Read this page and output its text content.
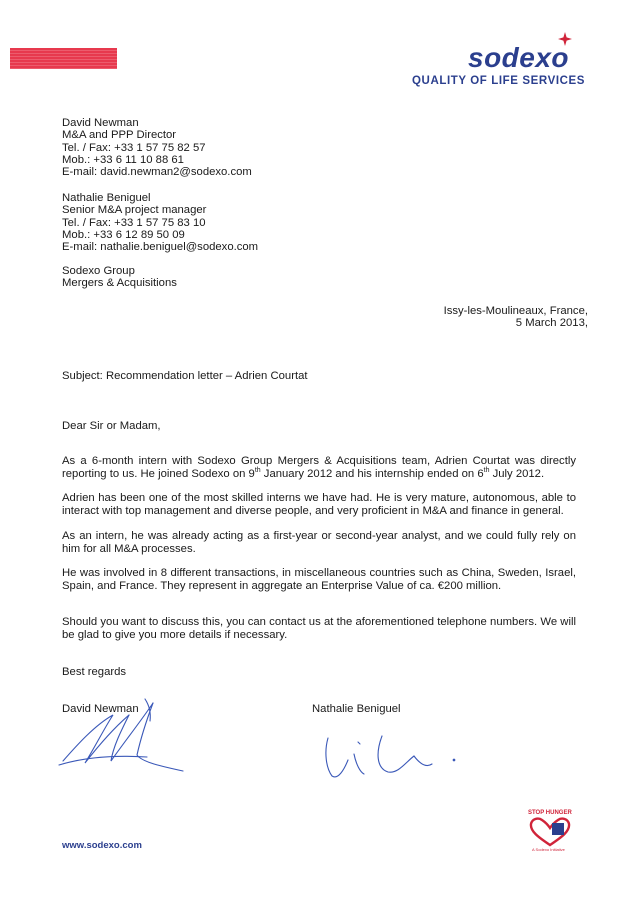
sodexo
QUALITY OF LIFE SERVICES
David Newman
M&A and PPP Director
Tel. / Fax: +33 1 57 75 82 57
Mob.: +33 6 11 10 88 61
E-mail: david.newman2@sodexo.com
Nathalie Beniguel
Senior M&A project manager
Tel. / Fax: +33 1 57 75 83 10
Mob.: +33 6 12 89 50 09
E-mail: nathalie.beniguel@sodexo.com
Sodexo Group
Mergers & Acquisitions
Issy-les-Moulineaux, France,
5 March 2013,
Subject: Recommendation letter – Adrien Courtat
Dear Sir or Madam,
As a 6-month intern with Sodexo Group Mergers & Acquisitions team, Adrien Courtat was directly reporting to us. He joined Sodexo on 9th January 2012 and his internship ended on 6th July 2012.
Adrien has been one of the most skilled interns we have had. He is very mature, autonomous, able to interact with top management and diverse people, and very proficient in M&A and finance in general.
As an intern, he was already acting as a first-year or second-year analyst, and we could fully rely on him for all M&A processes.
He was involved in 8 different transactions, in miscellaneous countries such as China, Sweden, Israel, Spain, and France. They represent in aggregate an Enterprise Value of ca. €200 million.
Should you want to discuss this, you can contact us at the aforementioned telephone numbers. We will be glad to give you more details if necessary.
Best regards
David Newman	Nathalie Beniguel
STOP HUNGER
A Sodexo Initiative
www.sodexo.com
